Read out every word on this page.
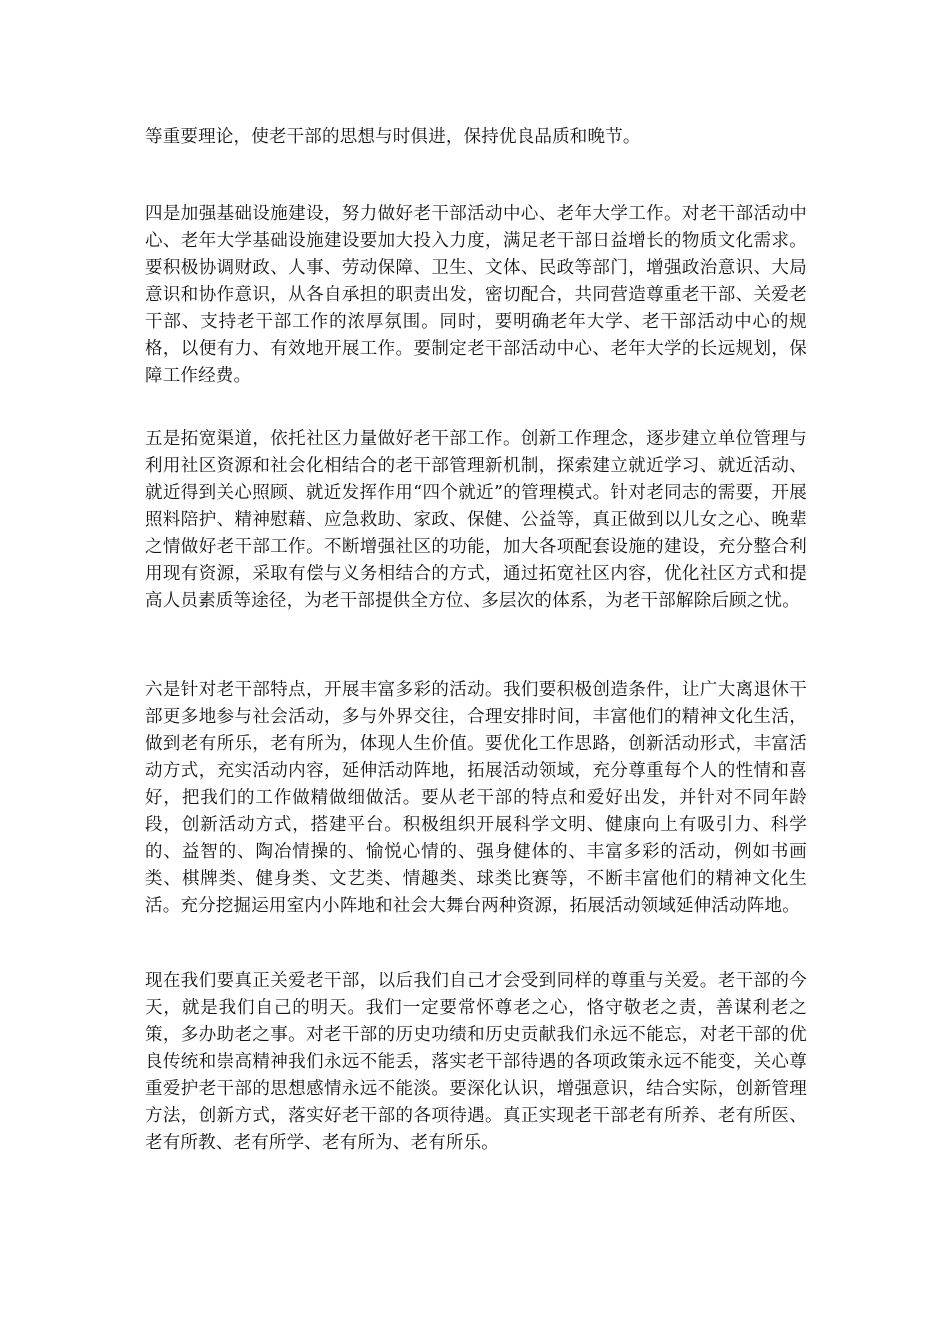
等重要理论，使老干部的思想与时俱进，保持优良品质和晚节。

四是加强基础设施建设，努力做好老干部活动中心、老年大学工作。对老干部活动中心、老年大学基础设施建设要加大投入力度，满足老干部日益增长的物质文化需求。要积极协调财政、人事、劳动保障、卫生、文体、民政等部门，增强政治意识、大局意识和协作意识，从各自承担的职责出发，密切配合，共同营造尊重老干部、关爱老干部、支持老干部工作的浓厚氛围。同时，要明确老年大学、老干部活动中心的规格，以便有力、有效地开展工作。要制定老干部活动中心、老年大学的长远规划，保障工作经费。

五是拓宽渠道，依托社区力量做好老干部工作。创新工作理念，逐步建立单位管理与利用社区资源和社会化相结合的老干部管理新机制，探索建立就近学习、就近活动、就近得到关心照顾、就近发挥作用“四个就近”的管理模式。针对老同志的需要，开展照料陪护、精神慰藉、应急救助、家政、保健、公益等，真正做到以儿女之心、晚辈之情做好老干部工作。不断增强社区的功能，加大各项配套设施的建设，充分整合利用现有资源，采取有偿与义务相结合的方式，通过拓宽社区内容，优化社区方式和提高人员素质等途径，为老干部提供全方位、多层次的体系，为老干部解除后顾之忧。

六是针对老干部特点，开展丰富多彩的活动。我们要积极创造条件，让广大离退休干部更多地参与社会活动，多与外界交往，合理安排时间，丰富他们的精神文化生活，做到老有所乐，老有所为，体现人生价值。要优化工作思路，创新活动形式，丰富活动方式，充实活动内容，延伸活动阵地，拓展活动领域，充分尊重每个人的性情和喜好，把我们的工作做精做细做活。要从老干部的特点和爱好出发，并针对不同年龄段，创新活动方式，搭建平台。积极组织开展科学文明、健康向上有吸引力、科学的、益智的、陶冶情操的、愉悦心情的、强身健体的、丰富多彩的活动，例如书画类、棋牌类、健身类、文艺类、情趣类、球类比赛等，不断丰富他们的精神文化生活。充分挖掘运用室内小阵地和社会大舞台两种资源，拓展活动领域延伸活动阵地。

现在我们要真正关爱老干部，以后我们自己才会受到同样的尊重与关爱。老干部的今天，就是我们自己的明天。我们一定要常怀尊老之心，恪守敬老之责，善谋利老之策，多办助老之事。对老干部的历史功绩和历史贡献我们永远不能忘，对老干部的优良传统和崇高精神我们永远不能丢，落实老干部待遇的各项政策永远不能变，关心尊重爱护老干部的思想感情永远不能淡。要深化认识，增强意识，结合实际，创新管理方法，创新方式，落实好老干部的各项待遇。真正实现老干部老有所养、老有所医、老有所教、老有所学、老有所为、老有所乐。
